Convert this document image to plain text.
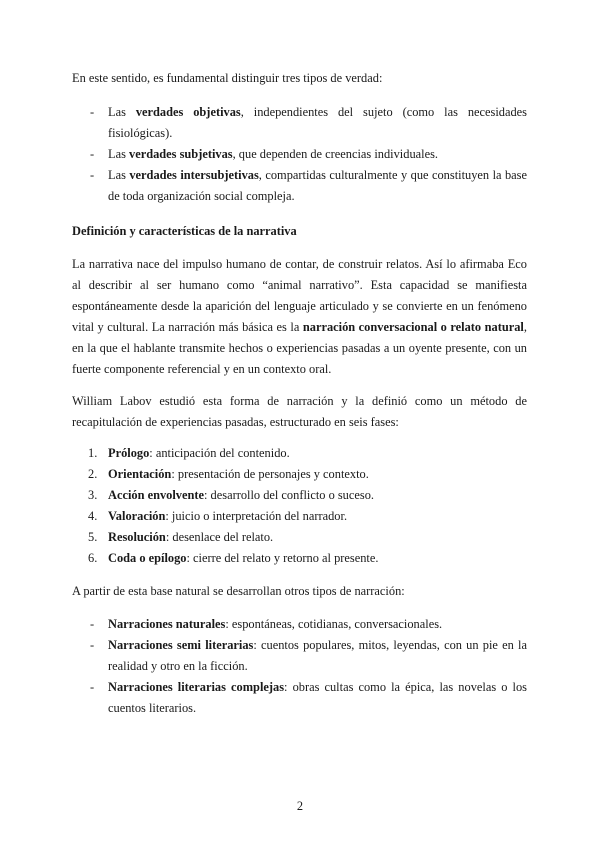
En este sentido, es fundamental distinguir tres tipos de verdad:

- Las verdades objetivas, independientes del sujeto (como las necesidades fisiológicas).
- Las verdades subjetivas, que dependen de creencias individuales.
- Las verdades intersubjetivas, compartidas culturalmente y que constituyen la base de toda organización social compleja.

Definición y características de la narrativa

La narrativa nace del impulso humano de contar, de construir relatos. Así lo afirmaba Eco al describir al ser humano como “animal narrativo”. Esta capacidad se manifiesta espontáneamente desde la aparición del lenguaje articulado y se convierte en un fenómeno vital y cultural. La narración más básica es la narración conversacional o relato natural, en la que el hablante transmite hechos o experiencias pasadas a un oyente presente, con un fuerte componente referencial y en un contexto oral.

William Labov estudió esta forma de narración y la definió como un método de recapitulación de experiencias pasadas, estructurado en seis fases:

1. Prólogo: anticipación del contenido.
2. Orientación: presentación de personajes y contexto.
3. Acción envolvente: desarrollo del conflicto o suceso.
4. Valoración: juicio o interpretación del narrador.
5. Resolución: desenlace del relato.
6. Coda o epílogo: cierre del relato y retorno al presente.

A partir de esta base natural se desarrollan otros tipos de narración:

- Narraciones naturales: espontáneas, cotidianas, conversacionales.
- Narraciones semi literarias: cuentos populares, mitos, leyendas, con un pie en la realidad y otro en la ficción.
- Narraciones literarias complejas: obras cultas como la épica, las novelas o los cuentos literarios.
2
